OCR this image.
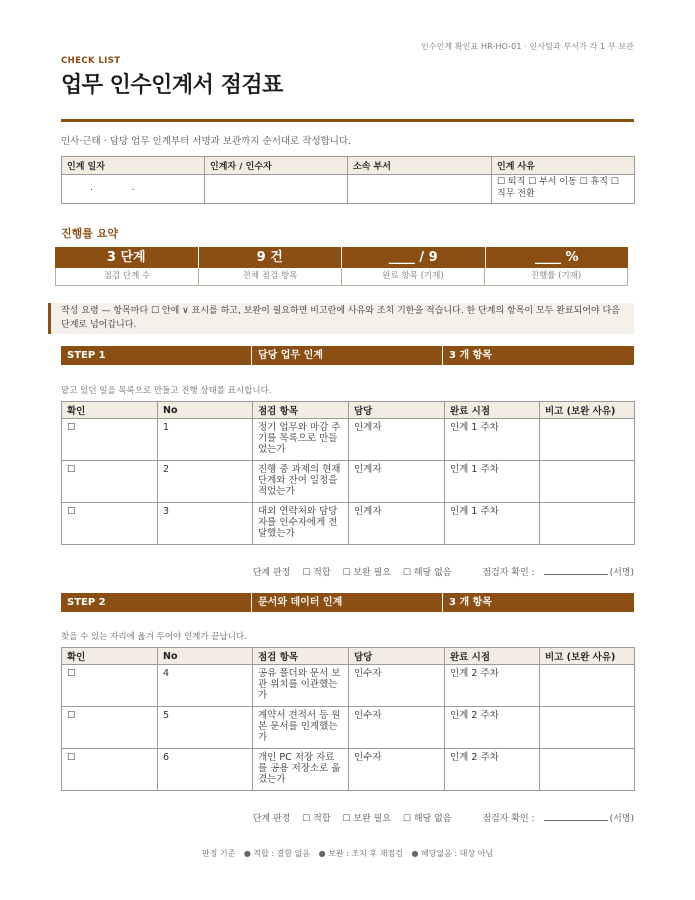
인수인계 확인표 HR-HO-01 · 인사팀과 부서가 각 1 부 보관
CHECK LIST
업무 인수인계서 점검표
인사·근태 · 담당 업무 인계부터 서명과 보관까지 순서대로 작성합니다.
인계 일자	인계자 / 인수자	소속 부서	인계 사유
. .			☐ 퇴직 ☐ 부서 이동 ☐ 휴직 ☐ 직무 전환
진행률 요약
3 단계	9 건	____ / 9	____ %
점검 단계 수	전체 점검 항목	완료 항목 (기재)	진행률 (기재)
작성 요령 — 항목마다 ☐ 안에 ∨ 표시를 하고, 보완이 필요하면 비고란에 사유와 조치 기한을 적습니다. 한 단계의 항목이 모두 완료되어야 다음 단계로 넘어갑니다.
STEP 1	담당 업무 인계	3 개 항목
맡고 있던 일을 목록으로 만들고 진행 상태를 표시합니다.
확인	No	점검 항목	담당	완료 시점	비고 (보완 사유)
☐	1	정기 업무와 마감 주기를 목록으로 만들었는가	인계자	인계 1 주차	
☐	2	진행 중 과제의 현재 단계와 잔여 일정을 적었는가	인계자	인계 1 주차	
☐	3	대외 연락처와 담당자를 인수자에게 전달했는가	인계자	인계 1 주차	
단계 판정 ☐ 적합 ☐ 보완 필요 ☐ 해당 없음	점검자 확인 :	(서명)
STEP 2	문서와 데이터 인계	3 개 항목
찾을 수 있는 자리에 옮겨 두어야 인계가 끝납니다.
확인	No	점검 항목	담당	완료 시점	비고 (보완 사유)
☐	4	공유 폴더와 문서 보관 위치를 이관했는가	인수자	인계 2 주차	
☐	5	계약서 견적서 등 원본 문서를 인계했는가	인수자	인계 2 주차	
☐	6	개인 PC 저장 자료를 공용 저장소로 옮겼는가	인수자	인계 2 주차	
단계 판정 ☐ 적합 ☐ 보완 필요 ☐ 해당 없음	점검자 확인 :	(서명)
판정 기준 ● 적합 : 결함 없음 ● 보완 : 조치 후 재점검 ● 해당없음 : 대상 아님
